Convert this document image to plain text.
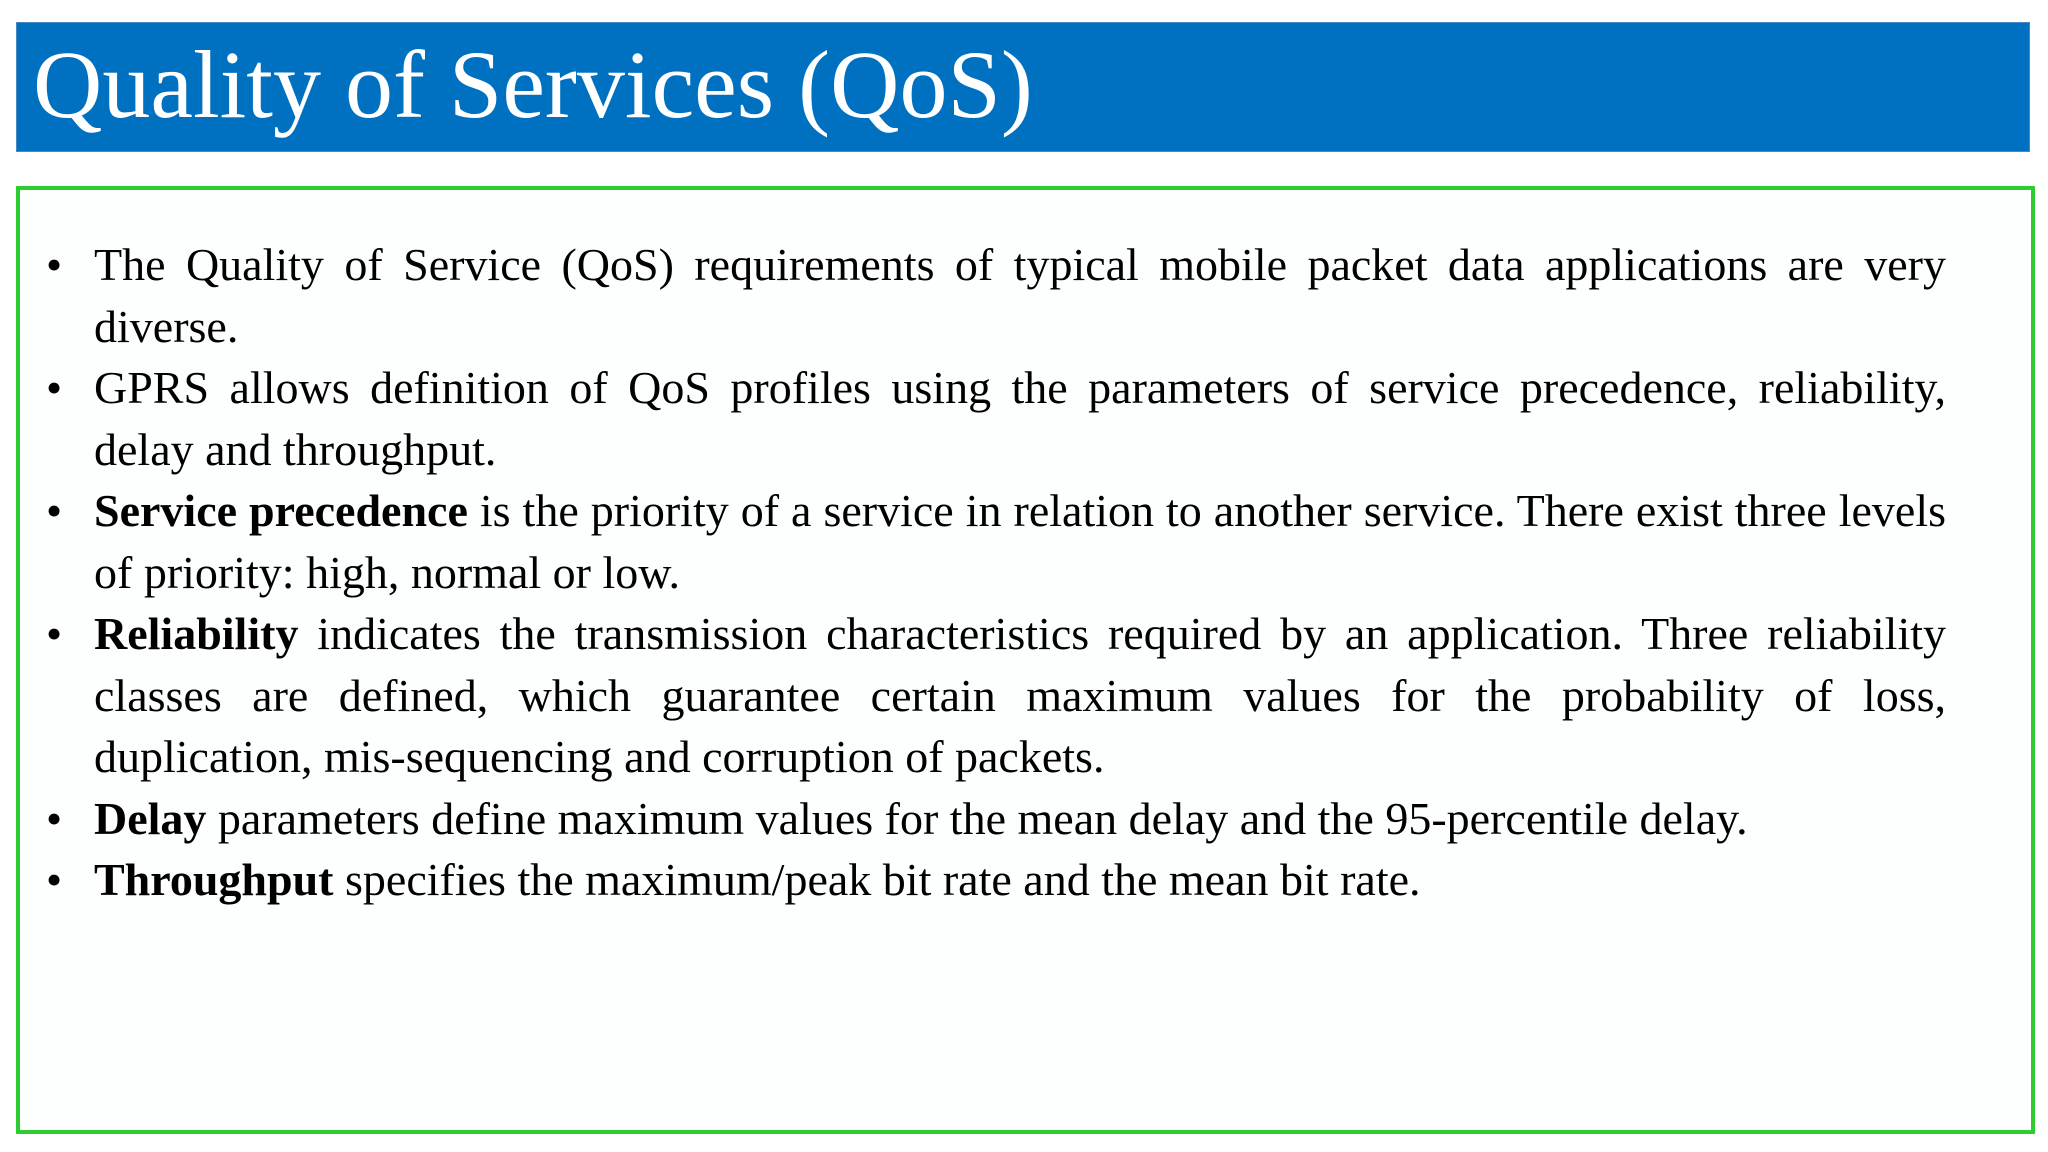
Quality of Services (QoS)
• The Quality of Service (QoS) requirements of typical mobile packet data applications are very diverse.
• GPRS allows definition of QoS profiles using the parameters of service precedence, reliability, delay and throughput.
• Service precedence is the priority of a service in relation to another service. There exist three levels of priority: high, normal or low.
• Reliability indicates the transmission characteristics required by an application. Three reliability classes are defined, which guarantee certain maximum values for the probability of loss, duplication, mis-sequencing and corruption of packets.
• Delay parameters define maximum values for the mean delay and the 95-percentile delay.
• Throughput specifies the maximum/peak bit rate and the mean bit rate.
